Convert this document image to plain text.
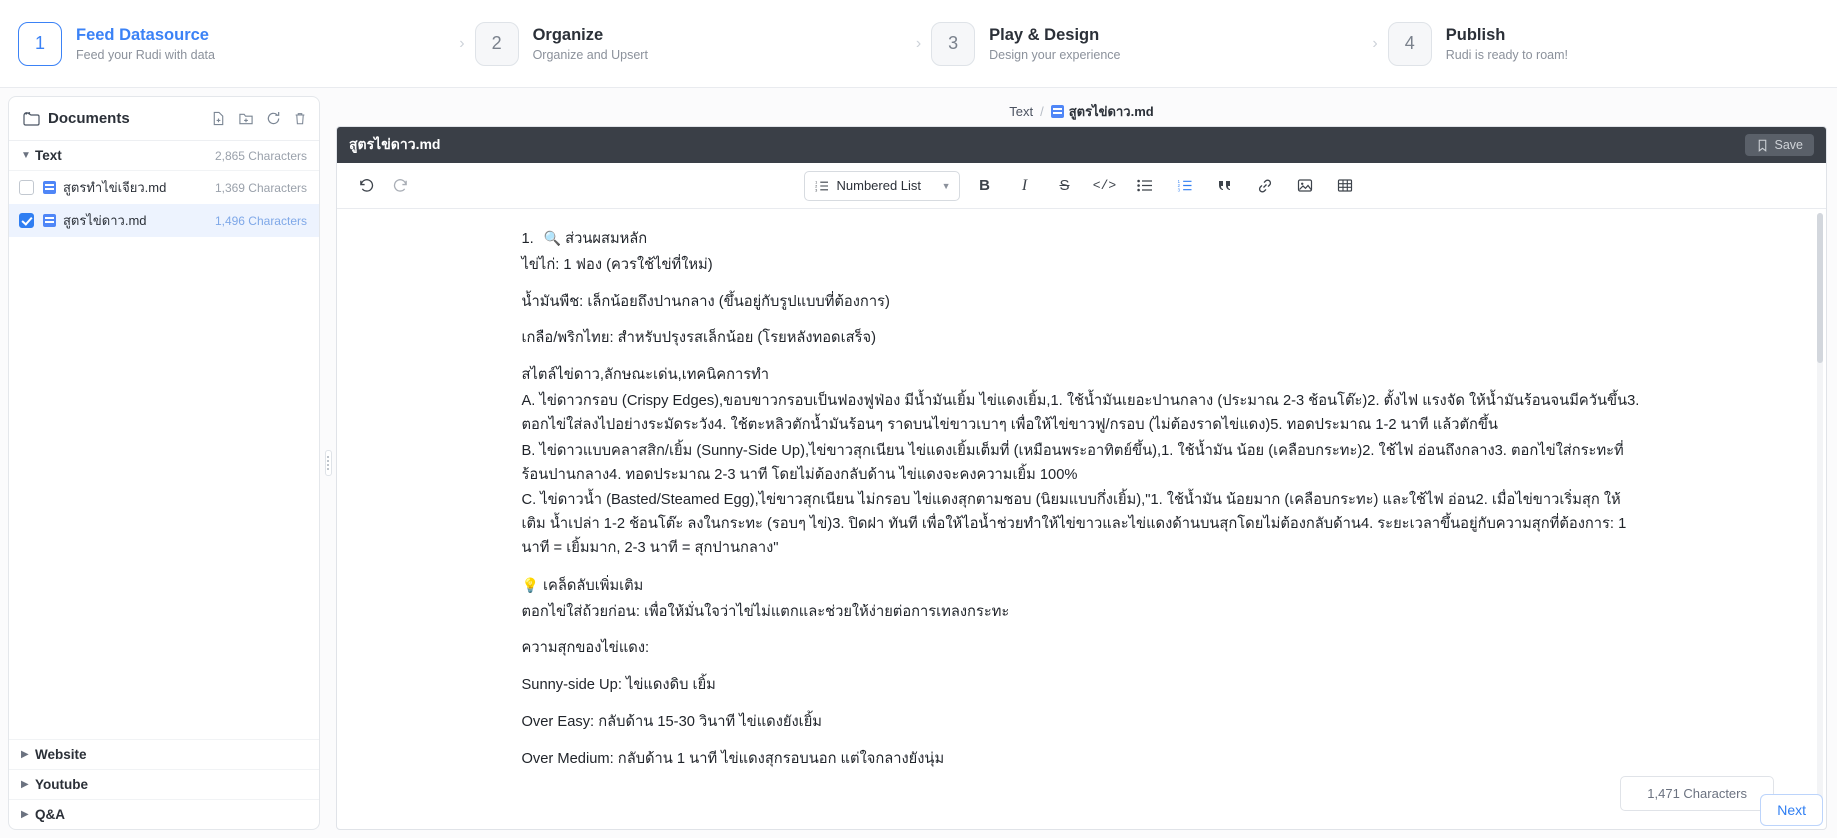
1	Feed Datasource
Feed your Rudi with data
›	2	Organize
Organize and Upsert
›	3	Play & Design
Design your experience
›	4	Publish
Rudi is ready to roam!
Documents
▼ Text	2,865 Characters
สูตรทำไข่เจียว.md	1,369 Characters
สูตรไข่ดาว.md	1,496 Characters
▶ Website
▶ Youtube
▶ Q&A
Text / สูตรไข่ดาว.md
สูตรไข่ดาว.md	Save
1
2
3 Numbered List	▼ B I S </>	1
2
3

1. 🔍 ส่วนผสมหลัก

ไข่ไก่: 1 ฟอง (ควรใช้ไข่ที่ใหม่)

น้ำมันพืช: เล็กน้อยถึงปานกลาง (ขึ้นอยู่กับรูปแบบที่ต้องการ)

เกลือ/พริกไทย: สำหรับปรุงรสเล็กน้อย (โรยหลังทอดเสร็จ)

สไตล์ไข่ดาว,ลักษณะเด่น,เทคนิคการทำ

A. ไข่ดาวกรอบ (Crispy Edges),ขอบขาวกรอบเป็นฟองฟูฟ่อง มีน้ำมันเยิ้ม ไข่แดงเยิ้ม,1. ใช้น้ำมันเยอะปานกลาง (ประมาณ 2-3 ช้อนโต๊ะ)2. ตั้งไฟ แรงจัด ให้น้ำมันร้อนจนมีควันขึ้น3. ตอกไข่ใส่ลงไปอย่างระมัดระวัง4. ใช้ตะหลิวตักน้ำมันร้อนๆ ราดบนไข่ขาวเบาๆ เพื่อให้ไข่ขาวฟู/กรอบ (ไม่ต้องราดไข่แดง)5. ทอดประมาณ 1-2 นาที แล้วตักขึ้น

B. ไข่ดาวแบบคลาสสิก/เยิ้ม (Sunny-Side Up),ไข่ขาวสุกเนียน ไข่แดงเยิ้มเต็มที่ (เหมือนพระอาทิตย์ขึ้น),1. ใช้น้ำมัน น้อย (เคลือบกระทะ)2. ใช้ไฟ อ่อนถึงกลาง3. ตอกไข่ใส่กระทะที่ร้อนปานกลาง4. ทอดประมาณ 2-3 นาที โดยไม่ต้องกลับด้าน ไข่แดงจะคงความเยิ้ม 100%

C. ไข่ดาวน้ำ (Basted/Steamed Egg),ไข่ขาวสุกเนียน ไม่กรอบ ไข่แดงสุกตามชอบ (นิยมแบบกึ่งเยิ้ม),"1. ใช้น้ำมัน น้อยมาก (เคลือบกระทะ) และใช้ไฟ อ่อน2. เมื่อไข่ขาวเริ่มสุก ให้เติม น้ำเปล่า 1-2 ช้อนโต๊ะ ลงในกระทะ (รอบๆ ไข่)3. ปิดฝา ทันที เพื่อให้ไอน้ำช่วยทำให้ไข่ขาวและไข่แดงด้านบนสุกโดยไม่ต้องกลับด้าน4. ระยะเวลาขึ้นอยู่กับความสุกที่ต้องการ: 1 นาที = เยิ้มมาก, 2-3 นาที = สุกปานกลาง"

💡 เคล็ดลับเพิ่มเติม

ตอกไข่ใส่ถ้วยก่อน: เพื่อให้มั่นใจว่าไข่ไม่แตกและช่วยให้ง่ายต่อการเทลงกระทะ

ความสุกของไข่แดง:

Sunny-side Up: ไข่แดงดิบ เยิ้ม

Over Easy: กลับด้าน 15-30 วินาที ไข่แดงยังเยิ้ม

Over Medium: กลับด้าน 1 นาที ไข่แดงสุกรอบนอก แต่ใจกลางยังนุ่ม

1,471 Characters
Next
